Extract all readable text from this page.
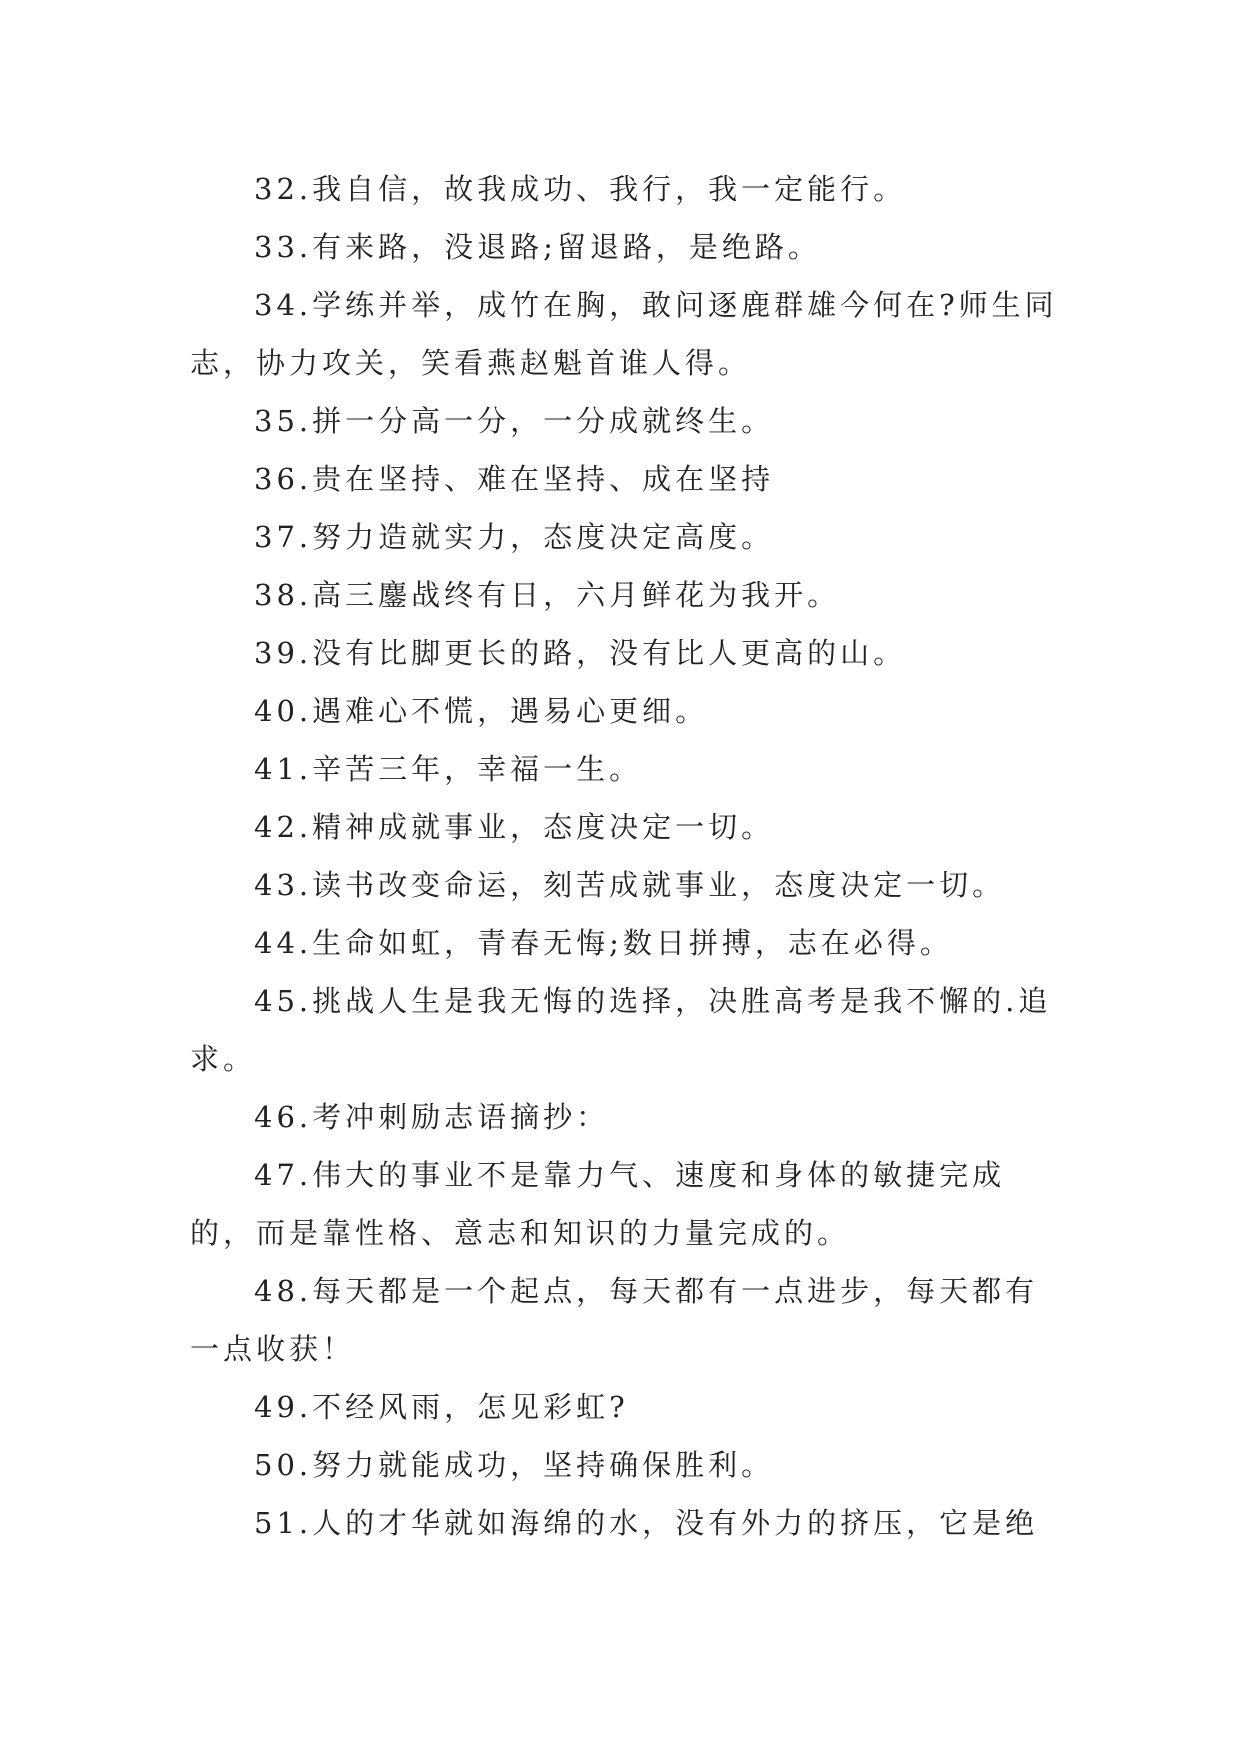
32.我自信，故我成功、我行，我一定能行。

33.有来路，没退路;留退路，是绝路。

34.学练并举，成竹在胸，敢问逐鹿群雄今何在?师生同志，协力攻关，笑看燕赵魁首谁人得。

35.拼一分高一分，一分成就终生。

36.贵在坚持、难在坚持、成在坚持

37.努力造就实力，态度决定高度。

38.高三鏖战终有日，六月鲜花为我开。

39.没有比脚更长的路，没有比人更高的山。

40.遇难心不慌，遇易心更细。

41.辛苦三年，幸福一生。

42.精神成就事业，态度决定一切。

43.读书改变命运，刻苦成就事业，态度决定一切。

44.生命如虹，青春无悔;数日拼搏，志在必得。

45.挑战人生是我无悔的选择，决胜高考是我不懈的.追求。

46.考冲刺励志语摘抄：

47.伟大的事业不是靠力气、速度和身体的敏捷完成的，而是靠性格、意志和知识的力量完成的。

48.每天都是一个起点，每天都有一点进步，每天都有一点收获！

49.不经风雨，怎见彩虹?

50.努力就能成功，坚持确保胜利。

51.人的才华就如海绵的水，没有外力的挤压，它是绝
